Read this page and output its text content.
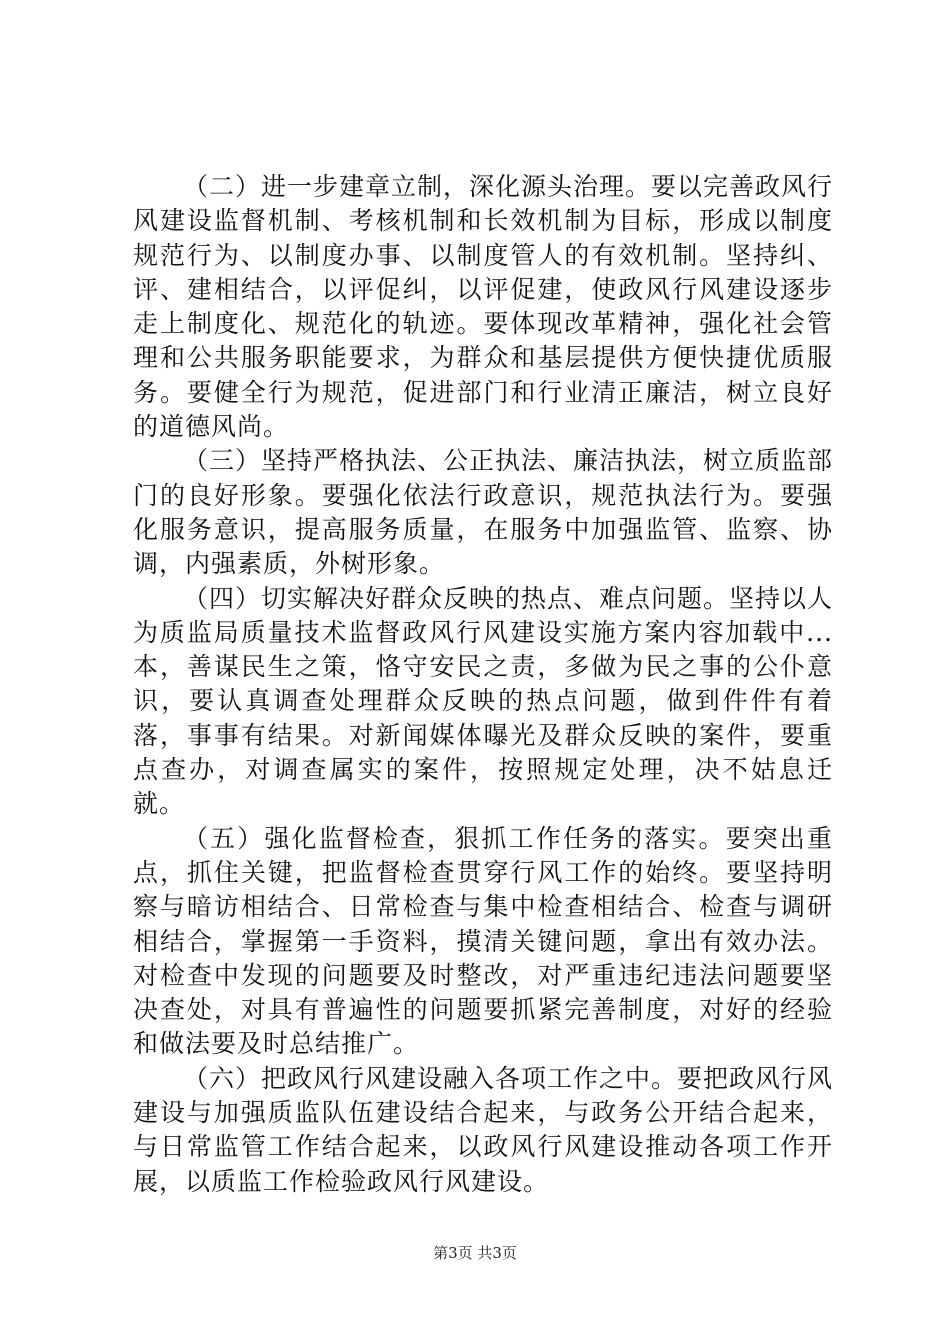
（二）进一步建章立制，深化源头治理。要以完善政风行风建设监督机制、考核机制和长效机制为目标，形成以制度规范行为、以制度办事、以制度管人的有效机制。坚持纠、评、建相结合，以评促纠，以评促建，使政风行风建设逐步走上制度化、规范化的轨迹。要体现改革精神，强化社会管理和公共服务职能要求，为群众和基层提供方便快捷优质服务。要健全行为规范，促进部门和行业清正廉洁，树立良好的道德风尚。

（三）坚持严格执法、公正执法、廉洁执法，树立质监部门的良好形象。要强化依法行政意识，规范执法行为。要强化服务意识，提高服务质量，在服务中加强监管、监察、协调，内强素质，外树形象。

（四）切实解决好群众反映的热点、难点问题。坚持以人为质监局质量技术监督政风行风建设实施方案内容加载中...本，善谋民生之策，恪守安民之责，多做为民之事的公仆意识，要认真调查处理群众反映的热点问题，做到件件有着落，事事有结果。对新闻媒体曝光及群众反映的案件，要重点查办，对调查属实的案件，按照规定处理，决不姑息迁就。

（五）强化监督检查，狠抓工作任务的落实。要突出重点，抓住关键，把监督检查贯穿行风工作的始终。要坚持明察与暗访相结合、日常检查与集中检查相结合、检查与调研相结合，掌握第一手资料，摸清关键问题，拿出有效办法。对检查中发现的问题要及时整改，对严重违纪违法问题要坚决查处，对具有普遍性的问题要抓紧完善制度，对好的经验和做法要及时总结推广。

（六）把政风行风建设融入各项工作之中。要把政风行风建设与加强质监队伍建设结合起来，与政务公开结合起来，与日常监管工作结合起来，以政风行风建设推动各项工作开展，以质监工作检验政风行风建设。

第3页 共3页
